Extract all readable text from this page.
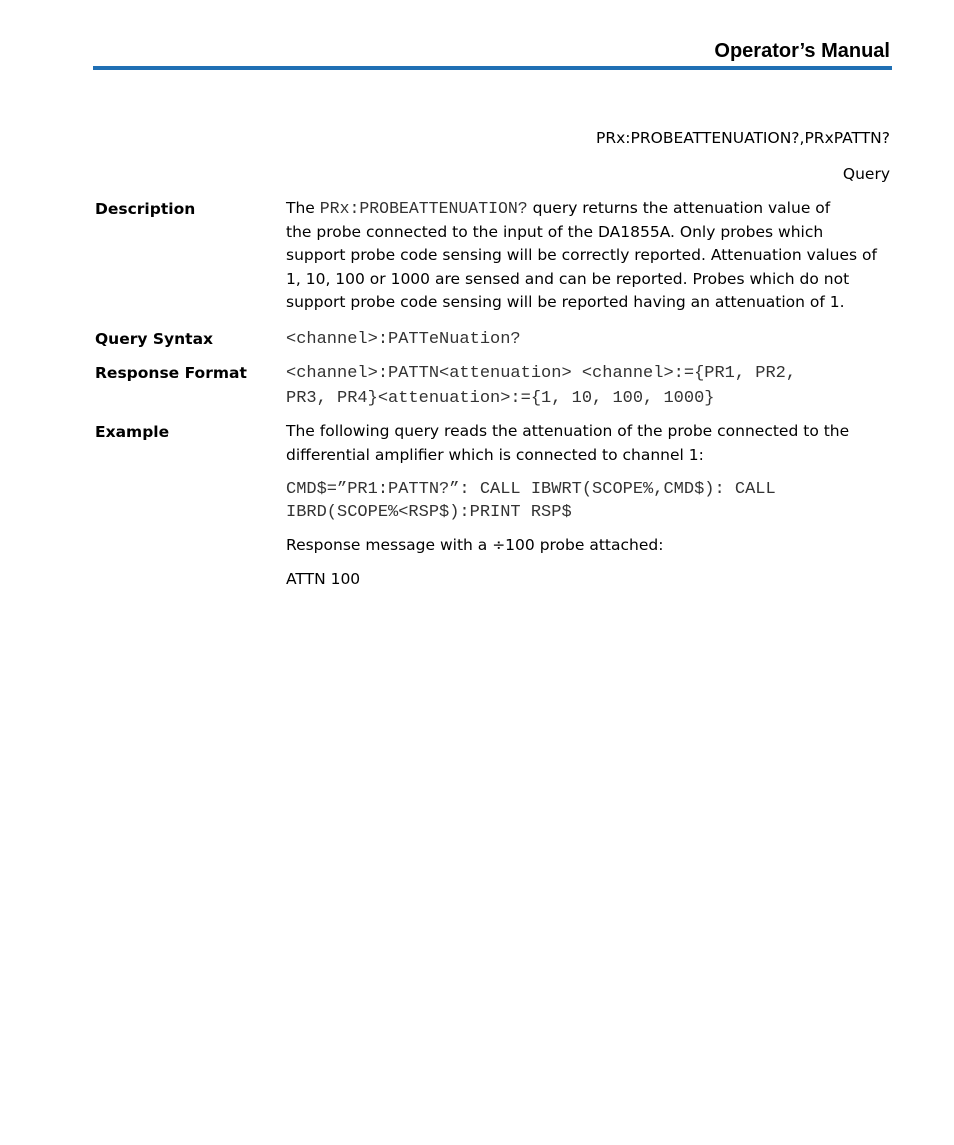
Operator’s Manual
PRx:PROBEATTENUATION?,PRxPATTN?
Query
Description	The PRx:PROBEATTENUATION? query returns the attenuation value of
the probe connected to the input of the DA1855A. Only probes which
support probe code sensing will be correctly reported. Attenuation values of
1, 10, 100 or 1000 are sensed and can be reported. Probes which do not
support probe code sensing will be reported having an attenuation of 1.
Query Syntax	<channel>:PATTeNuation?
Response Format <channel>:PATTN<attenuation> <channel>:={PR1, PR2,
PR3, PR4}<attenuation>:={1, 10, 100, 1000}
Example	The following query reads the attenuation of the probe connected to the
differential amplifier which is connected to channel 1:
CMD$=”PR1:PATTN?”: CALL IBWRT(SCOPE%,CMD$): CALL
IBRD(SCOPE%<RSP$):PRINT RSP$
Response message with a ÷100 probe attached:
ATTN 100
